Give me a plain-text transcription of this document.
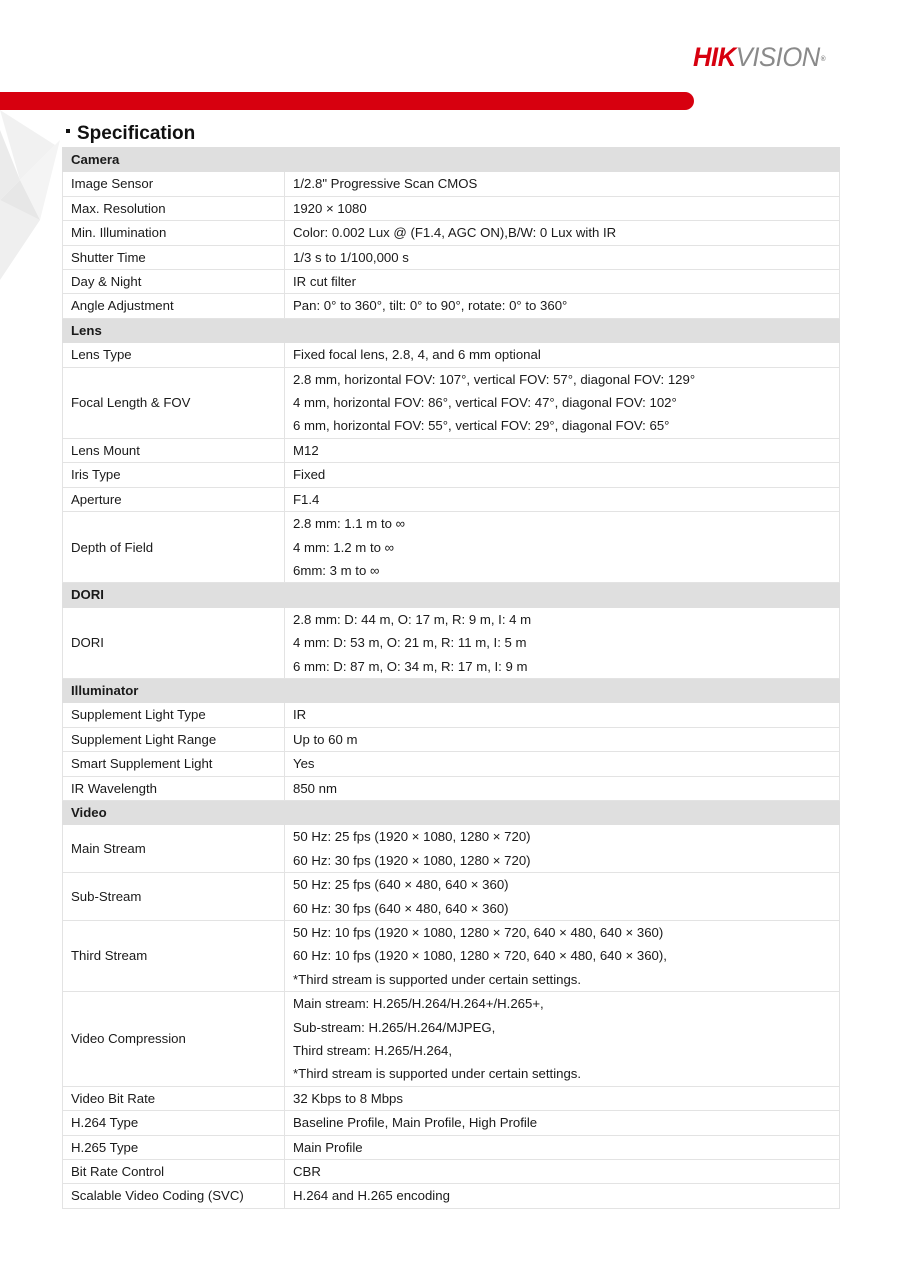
HIKVISION®
Specification
Camera	
Image Sensor	1/2.8" Progressive Scan CMOS

Max. Resolution	1920 × 1080

Min. Illumination	Color: 0.002 Lux @ (F1.4, AGC ON),B/W: 0 Lux with IR

Shutter Time	1/3 s to 1/100,000 s

Day & Night	IR cut filter

Angle Adjustment	Pan: 0° to 360°, tilt: 0° to 90°, rotate: 0° to 360°

Lens	
Lens Type	Fixed focal lens, 2.8, 4, and 6 mm optional

Focal Length & FOV	2.8 mm, horizontal FOV: 107°, vertical FOV: 57°, diagonal FOV: 129°
4 mm, horizontal FOV: 86°, vertical FOV: 47°, diagonal FOV: 102°
6 mm, horizontal FOV: 55°, vertical FOV: 29°, diagonal FOV: 65°

Lens Mount	M12

Iris Type	Fixed

Aperture	F1.4

Depth of Field	2.8 mm: 1.1 m to ∞
4 mm: 1.2 m to ∞
6mm: 3 m to ∞

DORI	
DORI	2.8 mm: D: 44 m, O: 17 m, R: 9 m, I: 4 m
4 mm: D: 53 m, O: 21 m, R: 11 m, I: 5 m
6 mm: D: 87 m, O: 34 m, R: 17 m, I: 9 m

Illuminator	
Supplement Light Type	IR

Supplement Light Range	Up to 60 m

Smart Supplement Light	Yes

IR Wavelength	850 nm

Video	
Main Stream	50 Hz: 25 fps (1920 × 1080, 1280 × 720)
60 Hz: 30 fps (1920 × 1080, 1280 × 720)

Sub-Stream	50 Hz: 25 fps (640 × 480, 640 × 360)
60 Hz: 30 fps (640 × 480, 640 × 360)

Third Stream	50 Hz: 10 fps (1920 × 1080, 1280 × 720, 640 × 480, 640 × 360)
60 Hz: 10 fps (1920 × 1080, 1280 × 720, 640 × 480, 640 × 360),
*Third stream is supported under certain settings.

Video Compression	Main stream: H.265/H.264/H.264+/H.265+,
Sub-stream: H.265/H.264/MJPEG,
Third stream: H.265/H.264,
*Third stream is supported under certain settings.

Video Bit Rate	32 Kbps to 8 Mbps

H.264 Type	Baseline Profile, Main Profile, High Profile

H.265 Type	Main Profile

Bit Rate Control	CBR

Scalable Video Coding (SVC)	H.264 and H.265 encoding
